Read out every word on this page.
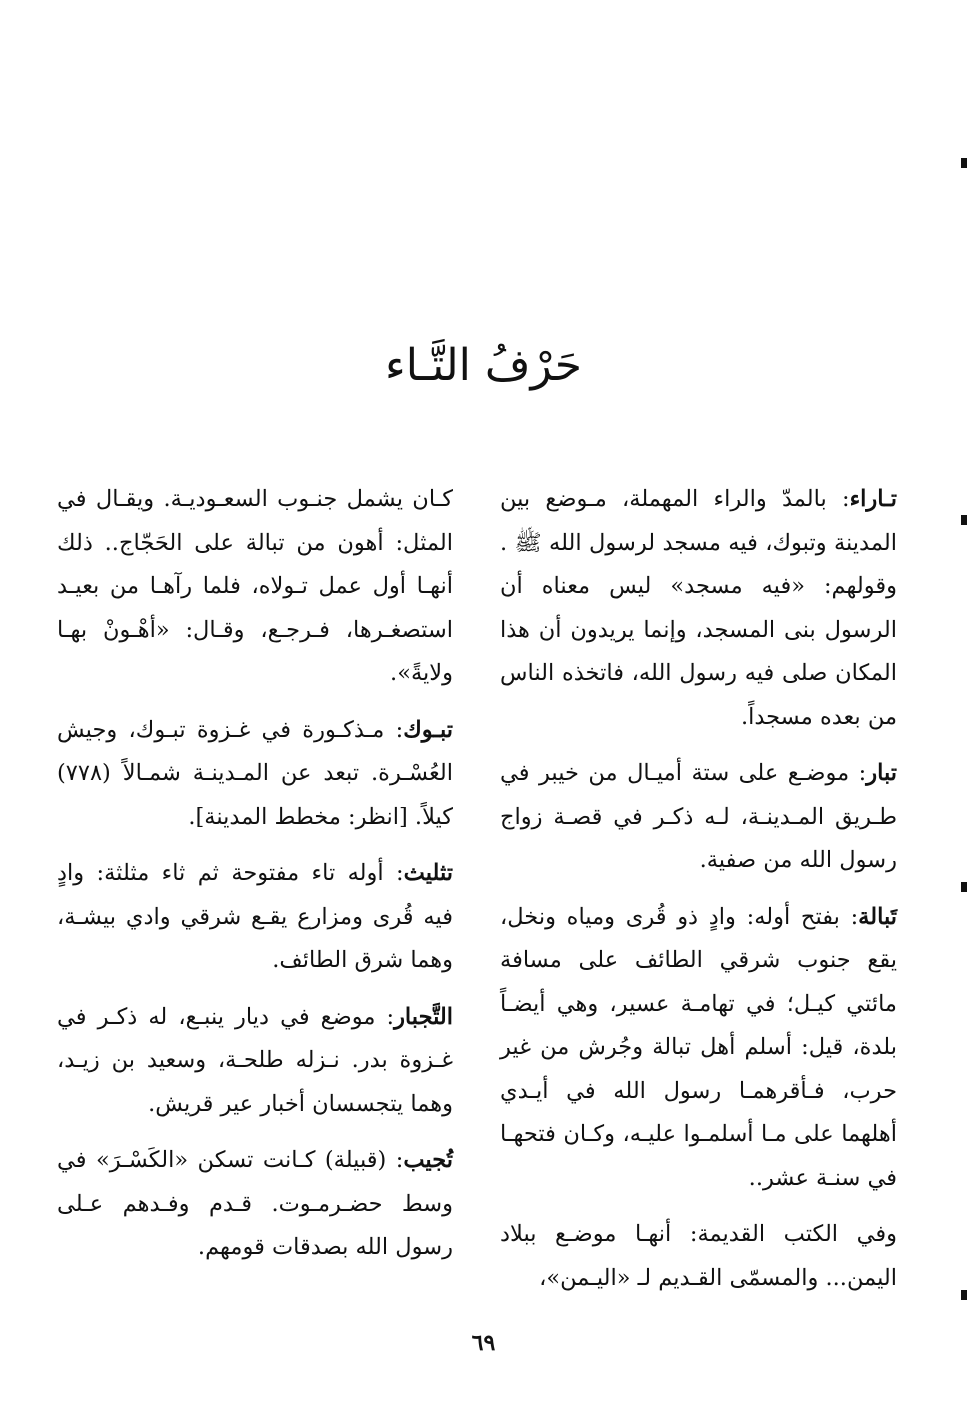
حَرْفُ التَّـاء

تـاراء: بالمدّ والراء المهملة، مـوضع بين المدينة وتبوك، فيه مسجد لرسول الله ﷺ . وقولهم: «فيه مسجد» ليس معناه أن الرسول بنى المسجد، وإنما يريدون أن هذا المكان صلى فيه رسول الله، فاتخذه الناس من بعده مسجداً.

تبار: موضـع على ستة أميـال من خيبر في طـريق المـدينـة، لـه ذكـر في قصـة زواج رسول الله من صفية.

تَبالة: بفتح أوله: وادٍ ذو قُرى ومياه ونخل، يقع جنوب شرقي الطائف على مسافة مائتي كيـل؛ في تهامـة عسير، وهي أيضـاً بلدة، قيل: أسلم أهل تبالة وجُرش من غير حرب، فـأقرهمـا رسول الله في أيـدي أهلهما على مـا أسلمـوا عليـه، وكـان فتحهـا في سنـة عشر..

وفي الكتب القديمة: أنهـا موضـع ببلاد اليمن... والمسمّى القـديم لـ «اليـمن»،

كـان يشمل جنـوب السعـوديـة. ويقـال في المثل: أهون من تبالة على الحَجّاج.. ذلك أنهـا أول عمل تـولاه، فلما رآهـا من بعيـد استصغـرها، فـرجـع، وقـال: «أهْـونْ بهـا ولايةً».

تبـوك: مـذكـورة في غـزوة تبـوك، وجيش العُسْـرة. تبعد عن المـدينـة شمـالاً (٧٧٨) كيلاً. [انظر: مخطط المدينة].

تثليث: أوله تاء مفتوحة ثم ثاء مثلثة: وادٍ فيه قُرى ومزارع يقـع شرقي وادي بيشـة، وهما شرق الطائف.

التَّجبار: موضع في ديار ينبـع، له ذكـر في غـزوة بدر. نـزله طلحـة، وسعيد بن زيـد، وهما يتجسسان أخبار عير قريش.

تُجيب: (قبيلة) كـانت تسكن «الكَسْـرَ» في وسط حضـرمـوت. قـدم وفـدهم عـلى رسول الله بصدقات قومهم.

٦٩
